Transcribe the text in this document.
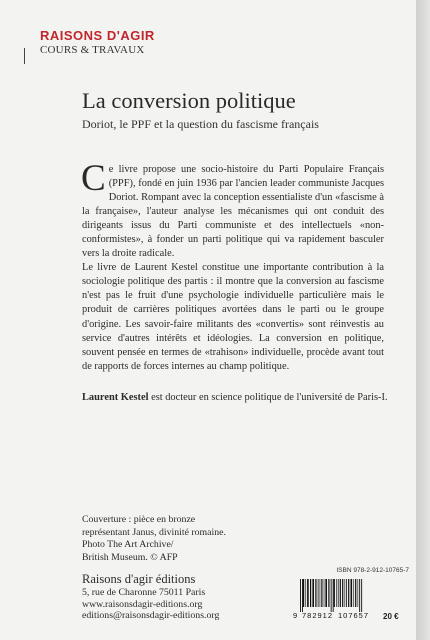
RAISONS D'AGIR
COURS & TRAVAUX
La conversion politique
Doriot, le PPF et la question du fascisme français

Ce livre propose une socio-histoire du Parti Populaire Français (PPF), fondé en juin 1936 par l'ancien leader communiste Jacques Doriot. Rompant avec la conception essentialiste d'un «fascisme à la française», l'auteur analyse les mécanismes qui ont conduit des dirigeants issus du Parti communiste et des intellectuels «non-conformistes», à fonder un parti politique qui va rapidement basculer vers la droite radicale.

Le livre de Laurent Kestel constitue une importante contribution à la sociologie politique des partis : il montre que la conversion au fascisme n'est pas le fruit d'une psychologie individuelle particulière mais le produit de carrières politiques avortées dans le parti ou le groupe d'origine. Les savoir-faire militants des «convertis» sont réinvestis au service d'autres intérêts et idéologies. La conversion en politique, souvent pensée en termes de «trahison» individuelle, procède avant tout de rapports de forces internes au champ politique.

Laurent Kestel est docteur en science politique de l'université de Paris-I.
Couverture : pièce en bronze
représentant Janus, divinité romaine.
Photo The Art Archive/
British Museum. © AFP
Raisons d'agir éditions
5, rue de Charonne 75011 Paris
www.raisonsdagir-editions.org
editions@raisonsdagir-editions.org
ISBN 978-2-912-10765-7
9 782912 107657 20 €
